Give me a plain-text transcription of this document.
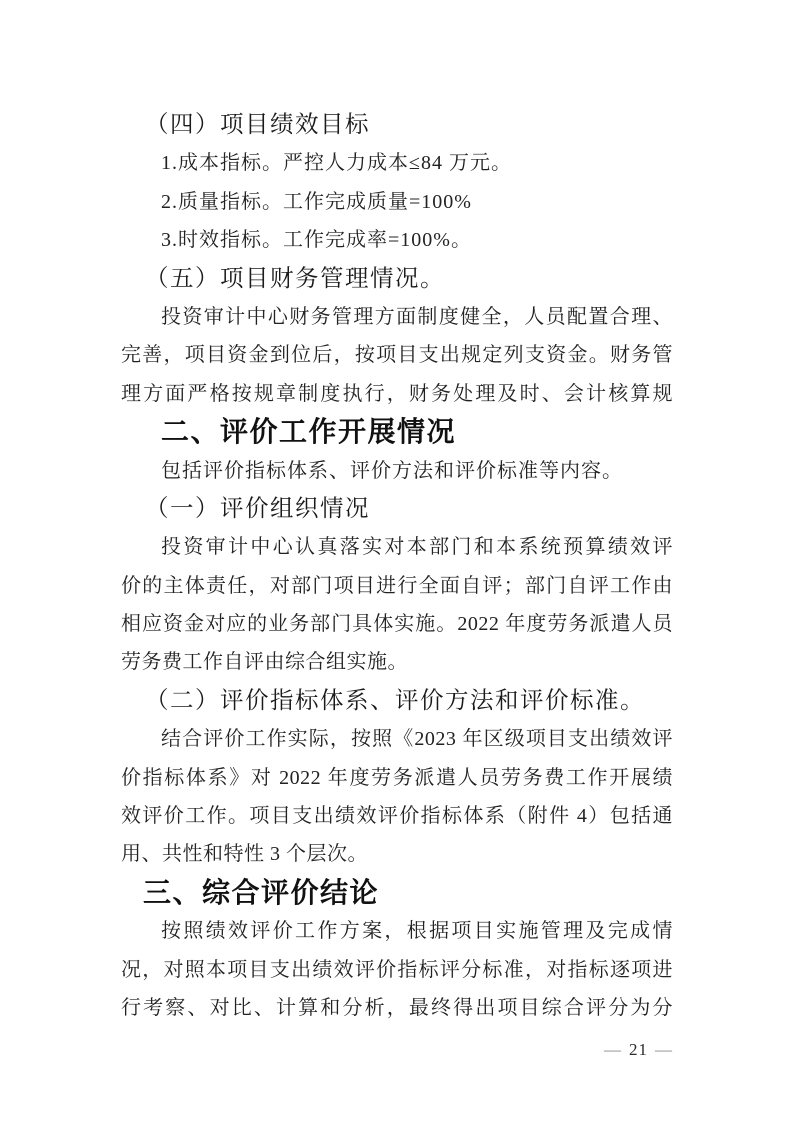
（四）项目绩效目标

1.成本指标。严控人力成本≤84 万元。

2.质量指标。工作完成质量=100%

3.时效指标。工作完成率=100%。

（五）项目财务管理情况。

投资审计中心财务管理方面制度健全，人员配置合理、

完善，项目资金到位后，按项目支出规定列支资金。财务管

理方面严格按规章制度执行，财务处理及时、会计核算规

二、评价工作开展情况

包括评价指标体系、评价方法和评价标准等内容。

（一）评价组织情况

投资审计中心认真落实对本部门和本系统预算绩效评

价的主体责任，对部门项目进行全面自评；部门自评工作由

相应资金对应的业务部门具体实施。2022 年度劳务派遣人员

劳务费工作自评由综合组实施。

（二）评价指标体系、评价方法和评价标准。

结合评价工作实际，按照《2023 年区级项目支出绩效评

价指标体系》对 2022 年度劳务派遣人员劳务费工作开展绩

效评价工作。项目支出绩效评价指标体系（附件 4）包括通

用、共性和特性 3 个层次。

三、综合评价结论

按照绩效评价工作方案，根据项目实施管理及完成情

况，对照本项目支出绩效评价指标评分标准，对指标逐项进

行考察、对比、计算和分析，最终得出项目综合评分为分

— 21 —
